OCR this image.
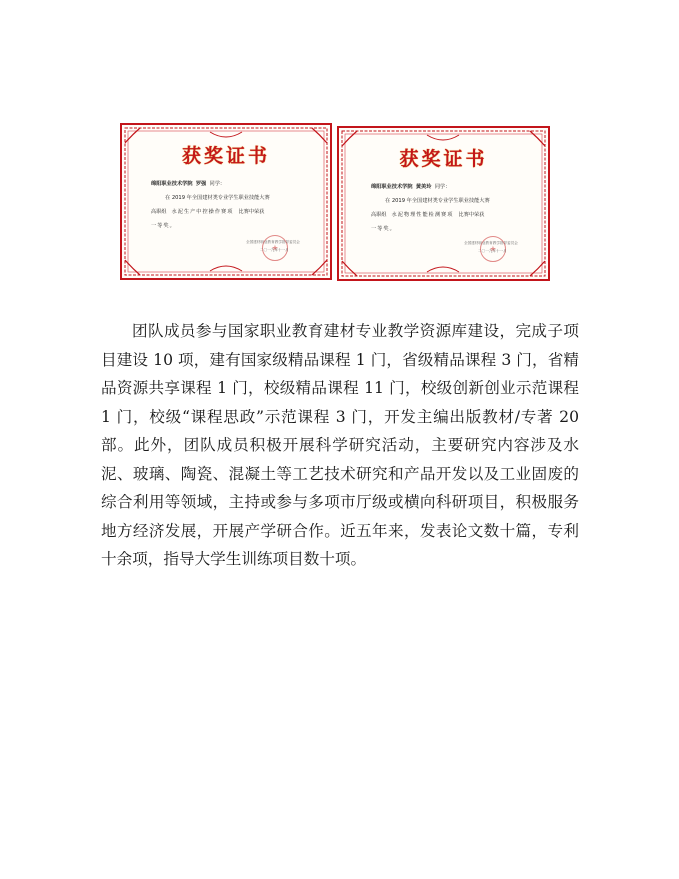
获奖证书
绵阳职业技术学院 罗强 同学：
在 2019 年全国建材类专业学生职业技能大赛
高职组 水泥生产中控操作赛项 比赛中荣获
一等奖。
★
全国建材职业教育教学指导委员会
二〇一九年十一月
获奖证书
绵阳职业技术学院 黄美玲 同学：
在 2019 年全国建材类专业学生职业技能大赛
高职组 水泥物理性能检测赛项 比赛中荣获
一等奖。
★
全国建材职业教育教学指导委员会
二〇一九年十一月

团队成员参与国家职业教育建材专业教学资源库建设，完成子项目建设 10 项，建有国家级精品课程 1 门，省级精品课程 3 门，省精品资源共享课程 1 门，校级精品课程 11 门，校级创新创业示范课程 1 门，校级“课程思政”示范课程 3 门，开发主编出版教材/专著 20 部。此外，团队成员积极开展科学研究活动，主要研究内容涉及水泥、玻璃、陶瓷、混凝土等工艺技术研究和产品开发以及工业固废的综合利用等领域，主持或参与多项市厅级或横向科研项目，积极服务地方经济发展，开展产学研合作。近五年来，发表论文数十篇，专利十余项，指导大学生训练项目数十项。
